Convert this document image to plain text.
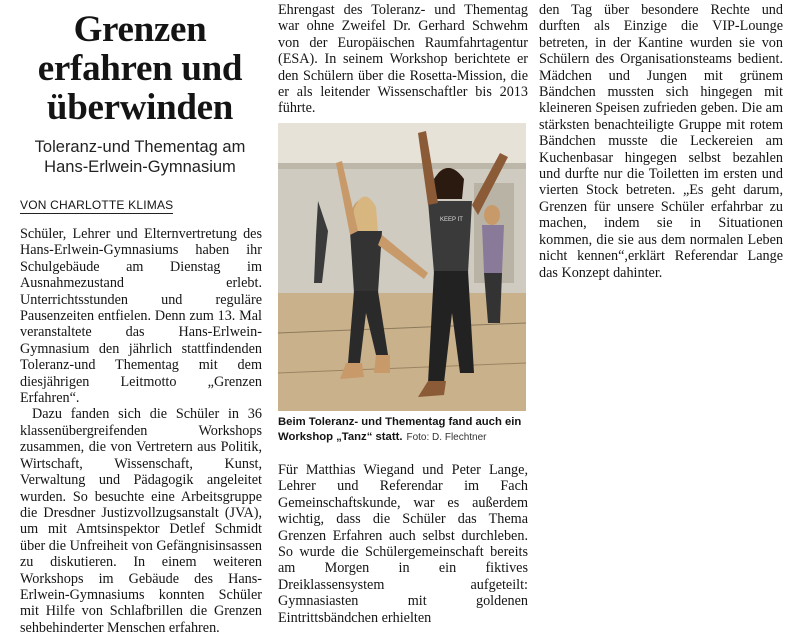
Grenzen erfahren und überwinden
Toleranz-und Thementag am Hans-Erlwein-Gymnasium
VON CHARLOTTE KLIMAS

Schüler, Lehrer und Elternvertretung des Hans-Erlwein-Gymnasiums haben ihr Schulgebäude am Dienstag im Ausnahmezustand erlebt. Unterrichtsstunden und reguläre Pausenzeiten entfielen. Denn zum 13. Mal veranstaltete das Hans-Erlwein-Gymnasium den jährlich stattfindenden Toleranz-und Thementag mit dem diesjährigen Leitmotto „Grenzen Erfahren“.

Dazu fanden sich die Schüler in 36 klassenübergreifenden Workshops zusammen, die von Vertretern aus Politik, Wirtschaft, Wissenschaft, Kunst, Verwaltung und Pädagogik angeleitet wurden. So besuchte eine Arbeitsgruppe die Dresdner Justizvollzugsanstalt (JVA), um mit Amtsinspektor Detlef Schmidt über die Unfreiheit von Gefängnisinsassen zu diskutieren. In einem weiteren Workshops im Gebäude des Hans-Erlwein-Gymnasiums konnten Schüler mit Hilfe von Schlafbrillen die Grenzen sehbehinderter Menschen erfahren.

Ehrengast des Toleranz- und Thementag war ohne Zweifel Dr. Gerhard Schwehm von der Europäischen Raumfahrtagentur (ESA). In seinem Workshop berichtete er den Schülern über die Rosetta-Mission, die er als leitender Wissenschaftler bis 2013 führte.

KEEP IT
Beim Toleranz- und Thementag fand auch ein Workshop „Tanz“ statt. Foto: D. Flechtner

Für Matthias Wiegand und Peter Lange, Lehrer und Referendar im Fach Gemeinschaftskunde, war es außerdem wichtig, dass die Schüler das Thema Grenzen Erfahren auch selbst durchleben. So wurde die Schülergemeinschaft bereits am Morgen in ein fiktives Dreiklassensystem aufgeteilt: Gymnasiasten mit goldenen Eintrittsbändchen erhielten

den Tag über besondere Rechte und durften als Einzige die VIP-Lounge betreten, in der Kantine wurden sie von Schülern des Organisationsteams bedient. Mädchen und Jungen mit grünem Bändchen mussten sich hingegen mit kleineren Speisen zufrieden geben. Die am stärksten benachteiligte Gruppe mit rotem Bändchen musste die Leckereien am Kuchenbasar hingegen selbst bezahlen und durfte nur die Toiletten im ersten und vierten Stock betreten. „Es geht darum, Grenzen für unsere Schüler erfahrbar zu machen, indem sie in Situationen kommen, die sie aus dem normalen Leben nicht kennen“,erklärt Referendar Lange das Konzept dahinter.
